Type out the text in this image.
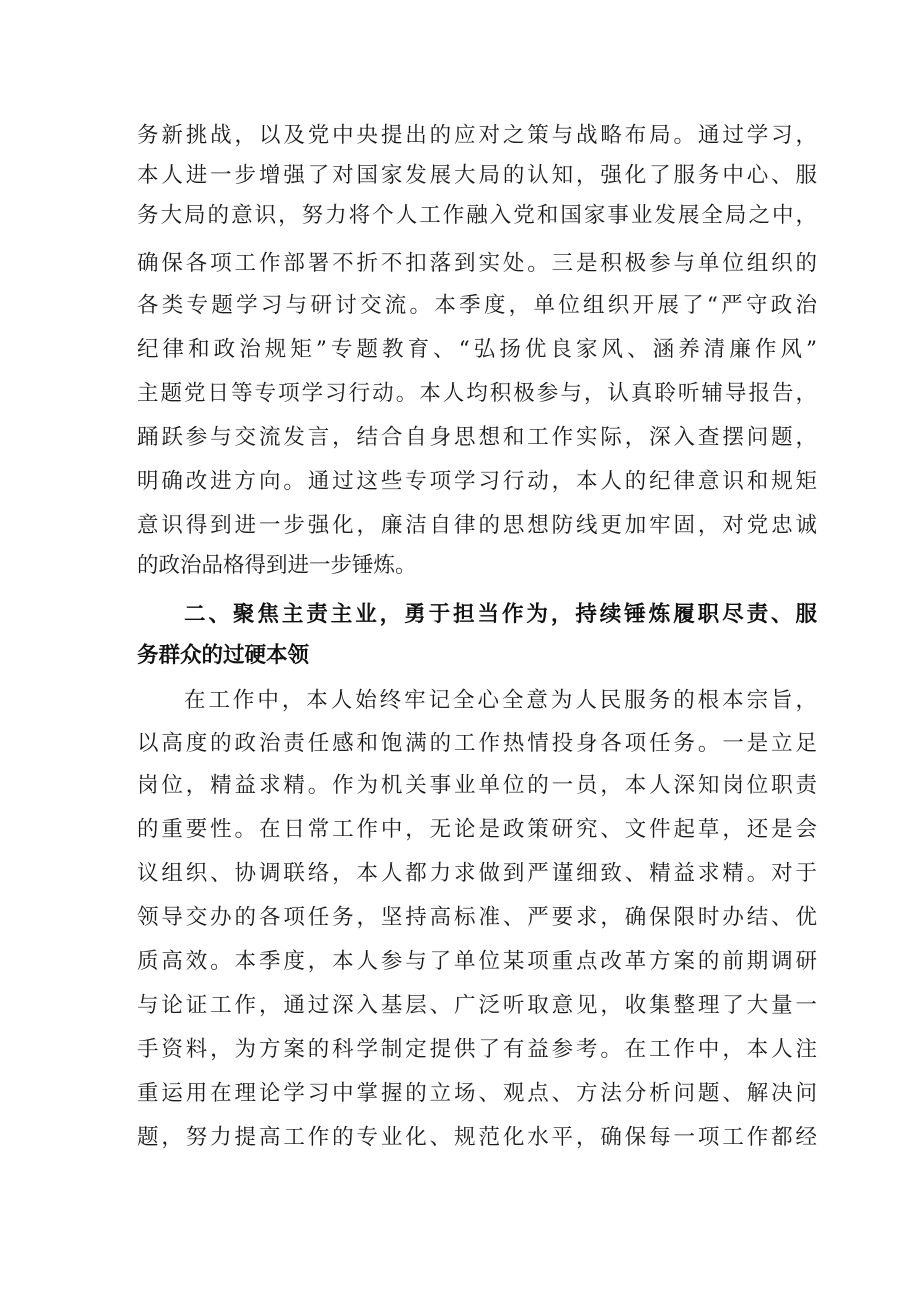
务新挑战，以及党中央提出的应对之策与战略布局。通过学习，
本人进一步增强了对国家发展大局的认知，强化了服务中心、服
务大局的意识，努力将个人工作融入党和国家事业发展全局之中，
确保各项工作部署不折不扣落到实处。三是积极参与单位组织的
各类专题学习与研讨交流。本季度，单位组织开展了“严守政治
纪律和政治规矩”专题教育、“弘扬优良家风、涵养清廉作风”
主题党日等专项学习行动。本人均积极参与，认真聆听辅导报告，
踊跃参与交流发言，结合自身思想和工作实际，深入查摆问题，
明确改进方向。通过这些专项学习行动，本人的纪律意识和规矩
意识得到进一步强化，廉洁自律的思想防线更加牢固，对党忠诚
的政治品格得到进一步锤炼。
二、聚焦主责主业，勇于担当作为，持续锤炼履职尽责、服
务群众的过硬本领
在工作中，本人始终牢记全心全意为人民服务的根本宗旨，
以高度的政治责任感和饱满的工作热情投身各项任务。一是立足
岗位，精益求精。作为机关事业单位的一员，本人深知岗位职责
的重要性。在日常工作中，无论是政策研究、文件起草，还是会
议组织、协调联络，本人都力求做到严谨细致、精益求精。对于
领导交办的各项任务，坚持高标准、严要求，确保限时办结、优
质高效。本季度，本人参与了单位某项重点改革方案的前期调研
与论证工作，通过深入基层、广泛听取意见，收集整理了大量一
手资料，为方案的科学制定提供了有益参考。在工作中，本人注
重运用在理论学习中掌握的立场、观点、方法分析问题、解决问
题，努力提高工作的专业化、规范化水平，确保每一项工作都经
